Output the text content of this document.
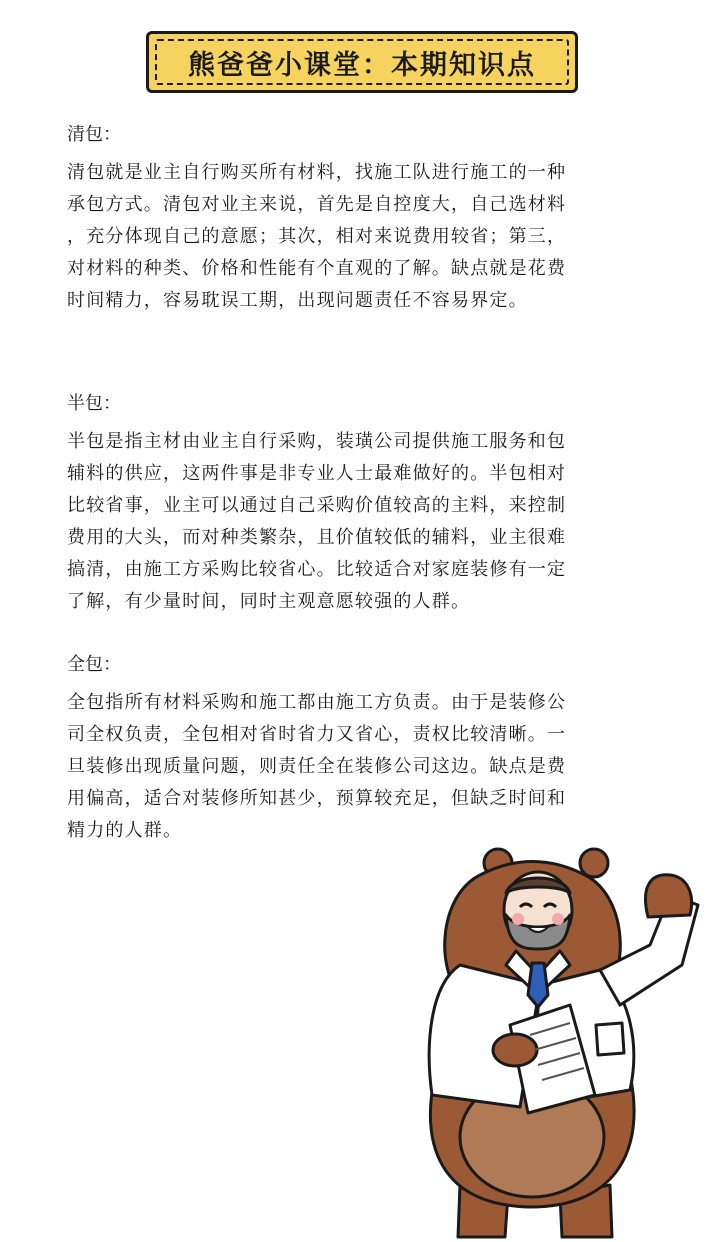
熊爸爸小课堂：本期知识点

清包：

清包就是业主自行购买所有材料，找施工队进行施工的一种
承包方式。清包对业主来说，首先是自控度大，自己选材料
，充分体现自己的意愿；其次，相对来说费用较省；第三，
对材料的种类、价格和性能有个直观的了解。缺点就是花费
时间精力，容易耽误工期，出现问题责任不容易界定。

半包：

半包是指主材由业主自行采购，装璜公司提供施工服务和包
辅料的供应，这两件事是非专业人士最难做好的。半包相对
比较省事，业主可以通过自己采购价值较高的主料，来控制
费用的大头，而对种类繁杂，且价值较低的辅料，业主很难
搞清，由施工方采购比较省心。比较适合对家庭装修有一定
了解，有少量时间，同时主观意愿较强的人群。

全包：

全包指所有材料采购和施工都由施工方负责。由于是装修公
司全权负责，全包相对省时省力又省心，责权比较清晰。一
旦装修出现质量问题，则责任全在装修公司这边。缺点是费
用偏高，适合对装修所知甚少，预算较充足，但缺乏时间和
精力的人群。
